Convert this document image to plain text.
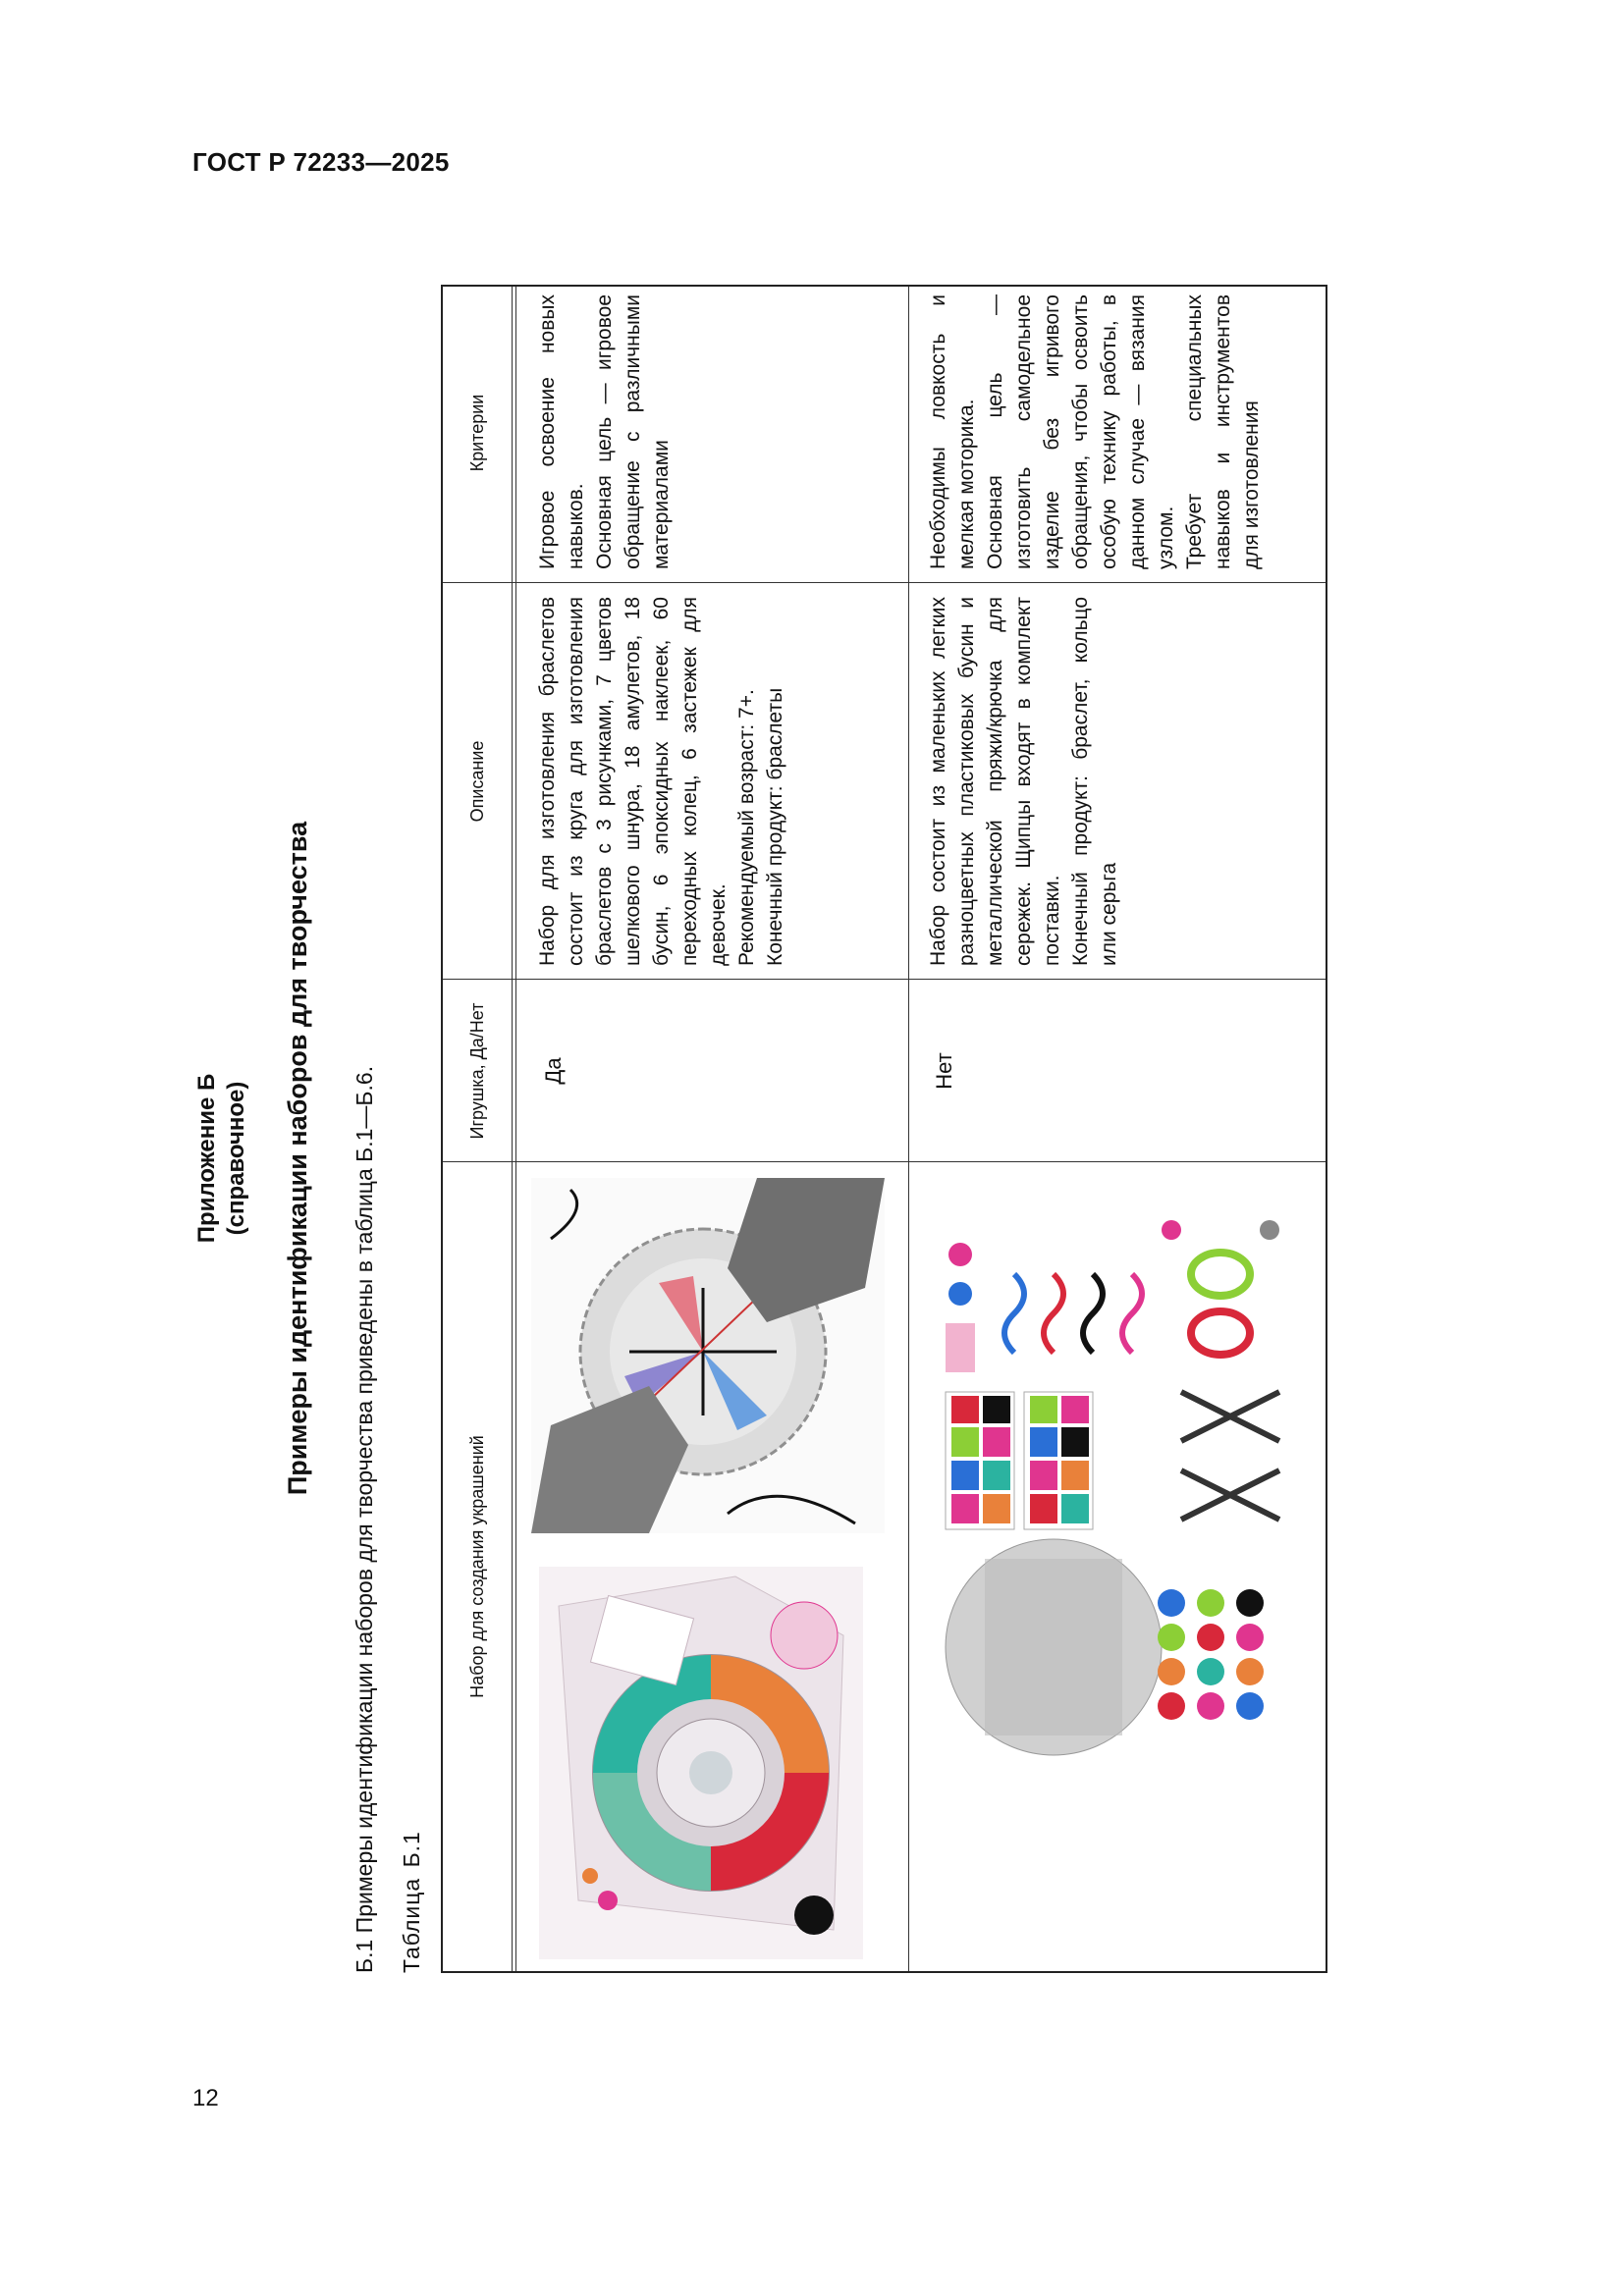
ГОСТ Р 72233—2025
12
Приложение Б (справочное) Примеры идентификации наборов для творчества Б.1 Примеры идентификации наборов для творчества приведены в таблица Б.1—Б.6. Таблица Б.1
Набор для создания украшений
Игрушка, Да/Нет
Описание
Критерии
Да

Набор для изготовления браслетов состоит из круга для изготовления браслетов с 3 рисунками, 7 цветов шелкового шнура, 18 амулетов, 18 бусин, 6 эпоксидных наклеек, 60 переходных колец, 6 застежек для девочек. Рекомендуемый возраст: 7+. Конечный продукт: браслеты

Игровое освоение новых навыков. Основная цель — игровое обращение с различными материалами

Нет

Набор состоит из маленьких легких разноцветных пластиковых бусин и металлической пряжи/крючка для сережек. Щипцы входят в комплект поставки. Конечный продукт: браслет, кольцо или серьга

Необходимы ловкость и мелкая моторика. Основная цель — изготовить самодельное изделие без игривого обращения, чтобы освоить особую технику работы, в данном случае — вязания узлом. Требует специальных навыков и инструментов для изготовления
